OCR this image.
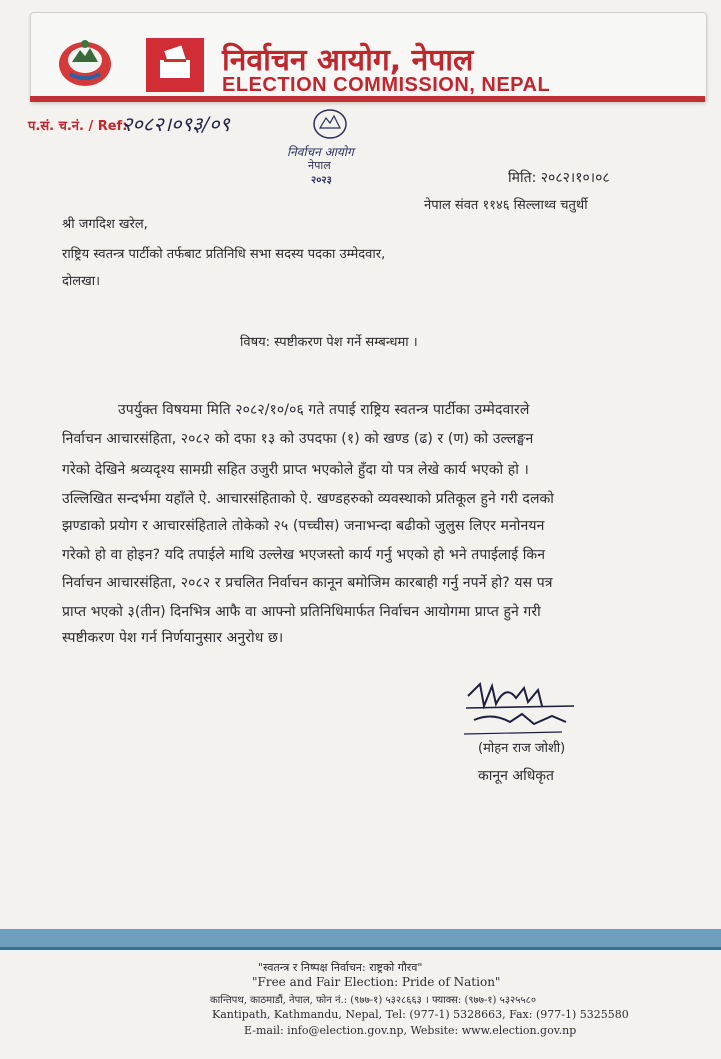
निर्वाचन आयोग, नेपाल
ELECTION COMMISSION, NEPAL
प.सं. च.नं. / Ref:
२०८२।०९३/०९
निर्वाचन आयोग
नेपाल
२०२३	मिति: २०८२।१०।०८
नेपाल संवत ११४६ सिल्लाथ्व चतुर्थी
श्री जगदिश खरेल,
राष्ट्रिय स्वतन्त्र पार्टीको तर्फबाट प्रतिनिधि सभा सदस्य पदका उम्मेदवार,
दोलखा।
विषय: स्पष्टीकरण पेश गर्ने सम्बन्धमा ।
उपर्युक्त विषयमा मिति २०८२/१०/०६ गते तपाई राष्ट्रिय स्वतन्त्र पार्टीका उम्मेदवारले
निर्वाचन आचारसंहिता, २०८२ को दफा १३ को उपदफा (१) को खण्ड (ढ) र (ण) को उल्लङ्घन
गरेको देखिने श्रव्यदृश्य सामग्री सहित उजुरी प्राप्त भएकोले हुँदा यो पत्र लेखे कार्य भएको हो ।
उल्लिखित सन्दर्भमा यहाँले ऐ. आचारसंहिताको ऐ. खण्डहरुको व्यवस्थाको प्रतिकूल हुने गरी दलको
झण्डाको प्रयोग र आचारसंहिताले तोकेको २५ (पच्चीस) जनाभन्दा बढीको जुलुस लिएर मनोनयन
गरेको हो वा होइन? यदि तपाईले माथि उल्लेख भएजस्तो कार्य गर्नु भएको हो भने तपाईलाई किन
निर्वाचन आचारसंहिता, २०८२ र प्रचलित निर्वाचन कानून बमोजिम कारबाही गर्नु नपर्ने हो? यस पत्र
प्राप्त भएको ३(तीन) दिनभित्र आफै वा आफ्नो प्रतिनिधिमार्फत निर्वाचन आयोगमा प्राप्त हुने गरी
स्पष्टीकरण पेश गर्न निर्णयानुसार अनुरोध छ।
(मोहन राज जोशी)
कानून अधिकृत
"स्वतन्त्र र निष्पक्ष निर्वाचन: राष्ट्रको गौरव"
"Free and Fair Election: Pride of Nation"
कान्तिपथ, काठमाडौं, नेपाल, फोन नं.: (९७७-१) ५३२८६६३ । फ्याक्स: (९७७-१) ५३२५५८०
Kantipath, Kathmandu, Nepal, Tel: (977-1) 5328663, Fax: (977-1) 5325580
E-mail: info@election.gov.np, Website: www.election.gov.np
